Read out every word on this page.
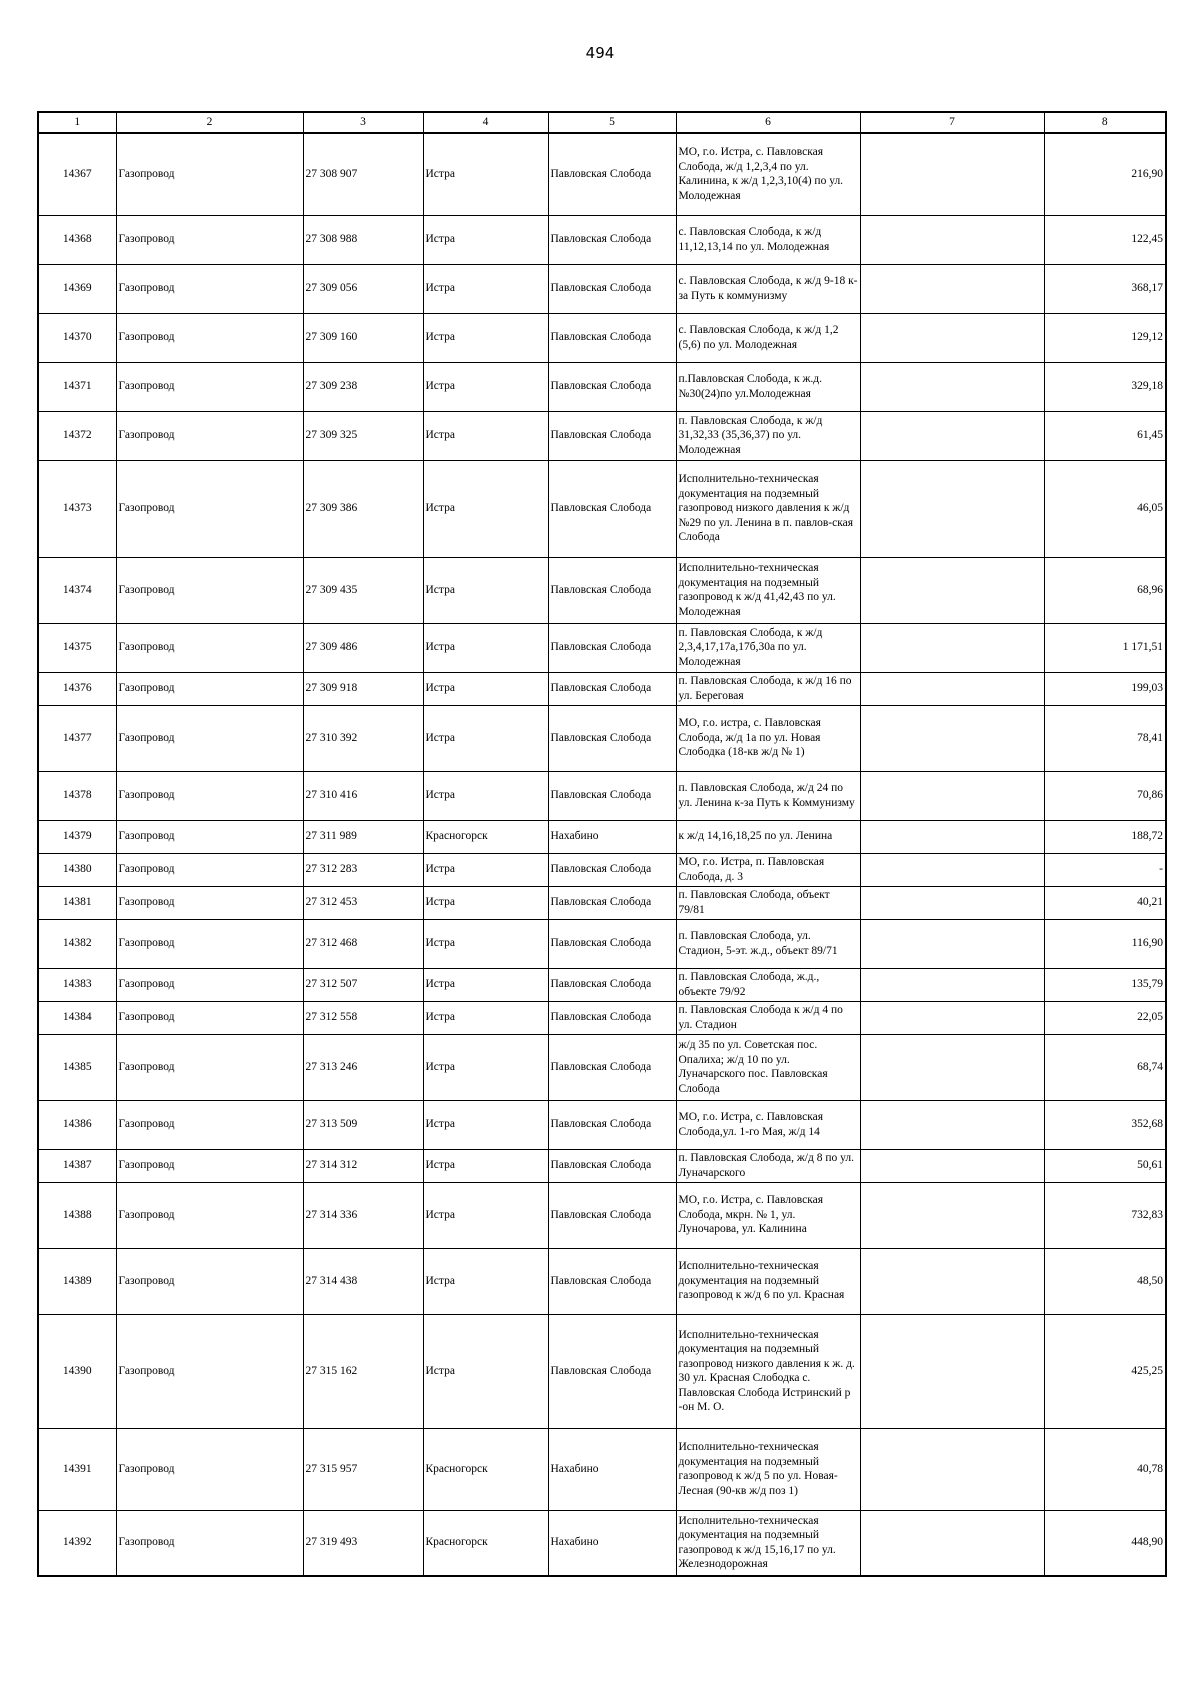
494
1	2	3	4	5	6	7	8
14367	Газопровод	27 308 907	Истра	Павловская Слобода	МО, г.о. Истра, с. Павловская Слобода, ж/д 1,2,3,4 по ул. Калинина, к ж/д 1,2,3,10(4) по ул. Молодежная		216,90
14368	Газопровод	27 308 988	Истра	Павловская Слобода	с. Павловская Слобода, к ж/д 11,12,13,14 по ул. Молодежная		122,45
14369	Газопровод	27 309 056	Истра	Павловская Слобода	с. Павловская Слобода, к ж/д 9-18 к-за Путь к коммунизму		368,17
14370	Газопровод	27 309 160	Истра	Павловская Слобода	с. Павловская Слобода, к ж/д 1,2 (5,6) по ул. Молодежная		129,12
14371	Газопровод	27 309 238	Истра	Павловская Слобода	п.Павловская Слобода, к ж.д.№30(24)по ул.Молодежная		329,18
14372	Газопровод	27 309 325	Истра	Павловская Слобода	п. Павловская Слобода, к ж/д 31,32,33 (35,36,37) по ул. Молодежная		61,45
14373	Газопровод	27 309 386	Истра	Павловская Слобода	Исполнительно-техническая документация на подземный газопровод низкого давления к ж/д №29 по ул. Ленина в п. павлов-ская Слобода		46,05
14374	Газопровод	27 309 435	Истра	Павловская Слобода	Исполнительно-техническая документация на подземный газопровод к ж/д 41,42,43 по ул. Молодежная		68,96
14375	Газопровод	27 309 486	Истра	Павловская Слобода	п. Павловская Слобода, к ж/д 2,3,4,17,17а,17б,30а по ул. Молодежная		1 171,51
14376	Газопровод	27 309 918	Истра	Павловская Слобода	п. Павловская Слобода, к ж/д 16 по ул. Береговая		199,03
14377	Газопровод	27 310 392	Истра	Павловская Слобода	МО, г.о. истра, с. Павловская Слобода, ж/д 1а по ул. Новая Слободка (18-кв ж/д № 1)		78,41
14378	Газопровод	27 310 416	Истра	Павловская Слобода	п. Павловская Слобода, ж/д 24 по ул. Ленина к-за Путь к Коммунизму		70,86
14379	Газопровод	27 311 989	Красногорск	Нахабино	к ж/д 14,16,18,25 по ул. Ленина		188,72
14380	Газопровод	27 312 283	Истра	Павловская Слобода	МО, г.о. Истра, п. Павловская Слобода, д. 3		-
14381	Газопровод	27 312 453	Истра	Павловская Слобода	п. Павловская Слобода, объект 79/81		40,21
14382	Газопровод	27 312 468	Истра	Павловская Слобода	п. Павловская Слобода, ул. Стадион, 5-эт. ж.д., объект 89/71		116,90
14383	Газопровод	27 312 507	Истра	Павловская Слобода	п. Павловская Слобода, ж.д., объекте 79/92		135,79
14384	Газопровод	27 312 558	Истра	Павловская Слобода	п. Павловская Слобода к ж/д 4 по ул. Стадион		22,05
14385	Газопровод	27 313 246	Истра	Павловская Слобода	ж/д 35 по ул. Советская пос. Опалиха; ж/д 10 по ул. Луначарского пос. Павловская Слобода		68,74
14386	Газопровод	27 313 509	Истра	Павловская Слобода	МО, г.о. Истра, с. Павловская Слобода,ул. 1-го Мая, ж/д 14		352,68
14387	Газопровод	27 314 312	Истра	Павловская Слобода	п. Павловская Слобода, ж/д 8 по ул. Луначарского		50,61
14388	Газопровод	27 314 336	Истра	Павловская Слобода	МО, г.о. Истра, с. Павловская Слобода, мкрн. № 1, ул. Луночарова, ул. Калинина		732,83
14389	Газопровод	27 314 438	Истра	Павловская Слобода	Исполнительно-техническая документация на подземный газопровод к ж/д 6 по ул. Красная		48,50
14390	Газопровод	27 315 162	Истра	Павловская Слобода	Исполнительно-техническая документация на подземный газопровод низкого давления к ж. д. 30 ул. Красная Слободка с. Павловская Слобода Истринский р -он М. О.		425,25
14391	Газопровод	27 315 957	Красногорск	Нахабино	Исполнительно-техническая документация на подземный газопровод к ж/д 5 по ул. Новая-Лесная (90-кв ж/д поз 1)		40,78
14392	Газопровод	27 319 493	Красногорск	Нахабино	Исполнительно-техническая документация на подземный газопровод к ж/д 15,16,17 по ул. Железнодорожная		448,90
